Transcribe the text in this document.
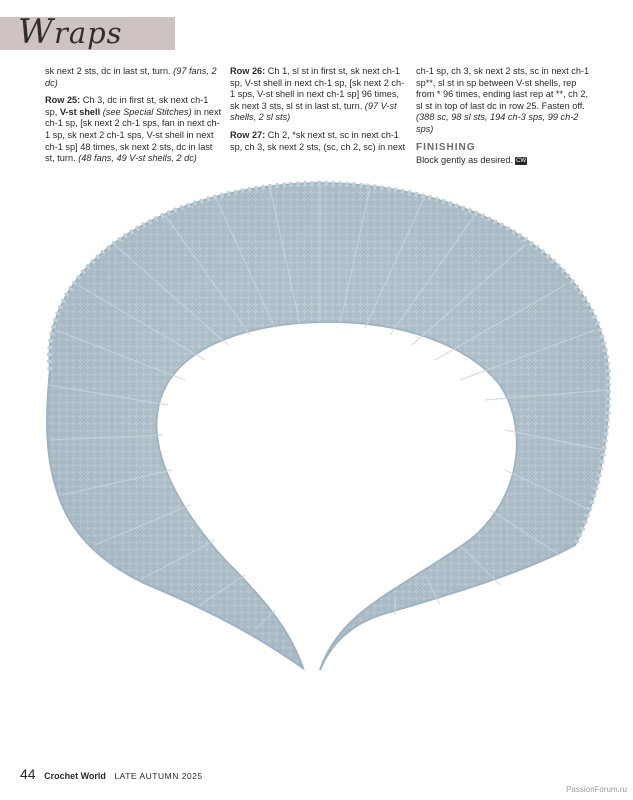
Wraps

sk next 2 sts, dc in last st, turn. (97 fans, 2 dc)

Row 25: Ch 3, dc in first st, sk next ch-1 sp, V-st shell (see Special Stitches) in next ch-1 sp, [sk next 2 ch-1 sps, fan in next ch-1 sp, sk next 2 ch-1 sps, V-st shell in next ch-1 sp] 48 times, sk next 2 sts, dc in last st, turn. (48 fans, 49 V-st shells, 2 dc)

Row 26: Ch 1, sl st in first st, sk next ch-1 sp, V-st shell in next ch-1 sp, [sk next 2 ch-1 sps, V-st shell in next ch-1 sp] 96 times, sk next 3 sts, sl st in last st, turn. (97 V-st shells, 2 sl sts)

Row 27: Ch 2, *sk next st, sc in next ch-1 sp, ch 3, sk next 2 sts, (sc, ch 2, sc) in next

ch-1 sp, ch 3, sk next 2 sts, sc in next ch-1 sp**, sl st in sp between V-st shells, rep from * 96 times, ending last rep at **, ch 2, sl st in top of last dc in row 25. Fasten off. (388 sc, 98 sl sts, 194 ch-3 sps, 99 ch-2 sps)

FINISHING

Block gently as desired. CW

44 Crochet World LATE AUTUMN 2025
PassionForum.ru
